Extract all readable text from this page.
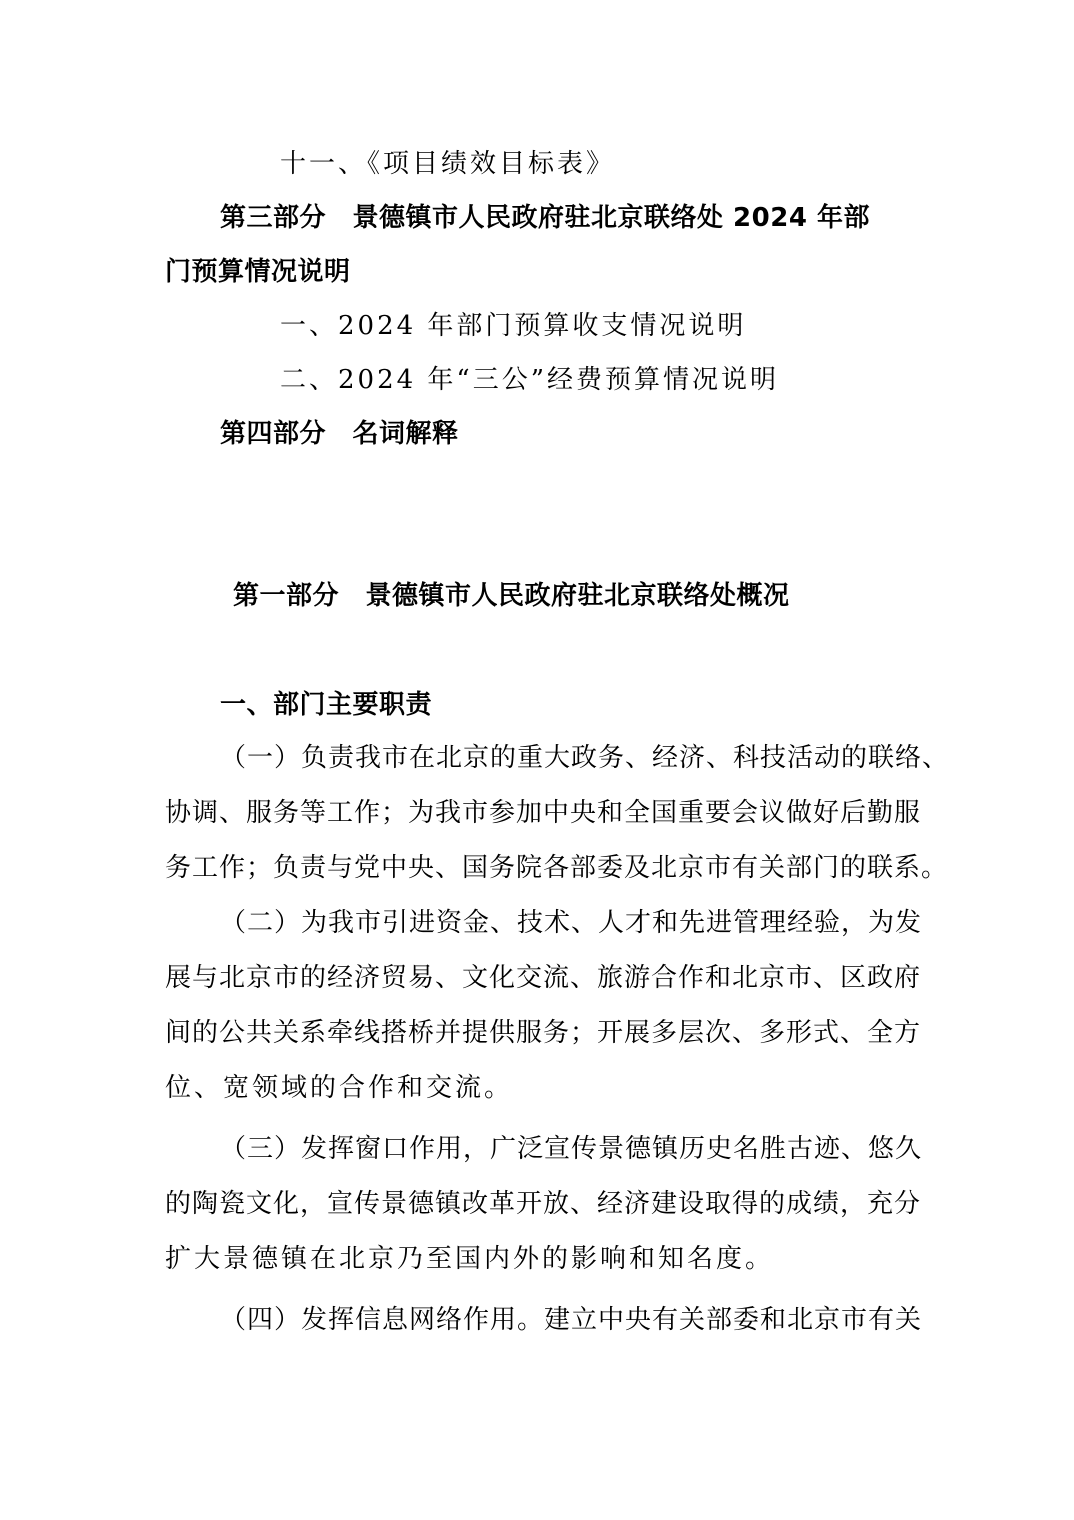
十一、《项目绩效目标表》
第三部分　景德镇市人民政府驻北京联络处 2024 年部
门预算情况说明
一、2024 年部门预算收支情况说明
二、2024 年“三公”经费预算情况说明
第四部分　名词解释
第一部分　景德镇市人民政府驻北京联络处概况
一、部门主要职责
（一）负责我市在北京的重大政务、经济、科技活动的联络、
协调、服务等工作；为我市参加中央和全国重要会议做好后勤服
务工作；负责与党中央、国务院各部委及北京市有关部门的联系。
（二）为我市引进资金、技术、人才和先进管理经验，为发
展与北京市的经济贸易、文化交流、旅游合作和北京市、区政府
间的公共关系牵线搭桥并提供服务；开展多层次、多形式、全方
位、宽领域的合作和交流。
（三）发挥窗口作用，广泛宣传景德镇历史名胜古迹、悠久
的陶瓷文化，宣传景德镇改革开放、经济建设取得的成绩，充分
扩大景德镇在北京乃至国内外的影响和知名度。
（四）发挥信息网络作用。建立中央有关部委和北京市有关
